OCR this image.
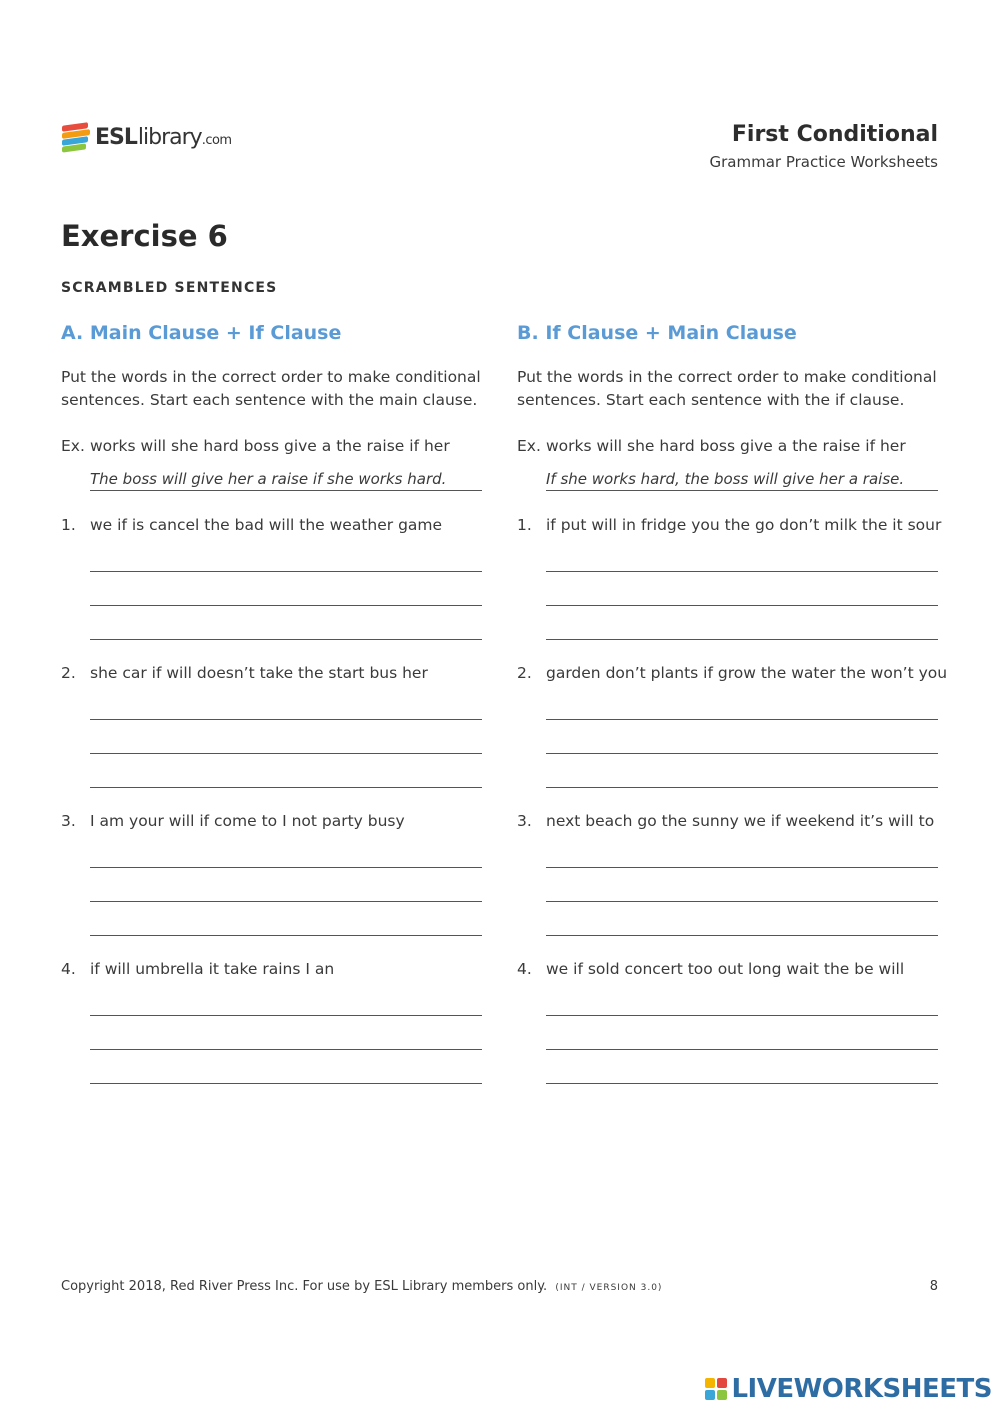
ESL library .com	First Conditional
Grammar Practice Worksheets
Exercise 6
SCRAMBLED SENTENCES
A. Main Clause + If Clause
Put the words in the correct order to make conditional sentences. Start each sentence with the main clause.
Ex. works will she hard boss give a the raise if her
The boss will give her a raise if she works hard.
1. we if is cancel the bad will the weather game
2. she car if will doesn’t take the start bus her
3. I am your will if come to I not party busy
4. if will umbrella it take rains I an
B. If Clause + Main Clause
Put the words in the correct order to make conditional sentences. Start each sentence with the if clause.
Ex. works will she hard boss give a the raise if her
If she works hard, the boss will give her a raise.
1. if put will in fridge you the go don’t milk the it sour
2. garden don’t plants if grow the water the won’t you
3. next beach go the sunny we if weekend it’s will to
4. we if sold concert too out long wait the be will
Copyright 2018, Red River Press Inc. For use by ESL Library members only. (INT / VERSION 3.0)	8
LIVEWORKSHEETS
